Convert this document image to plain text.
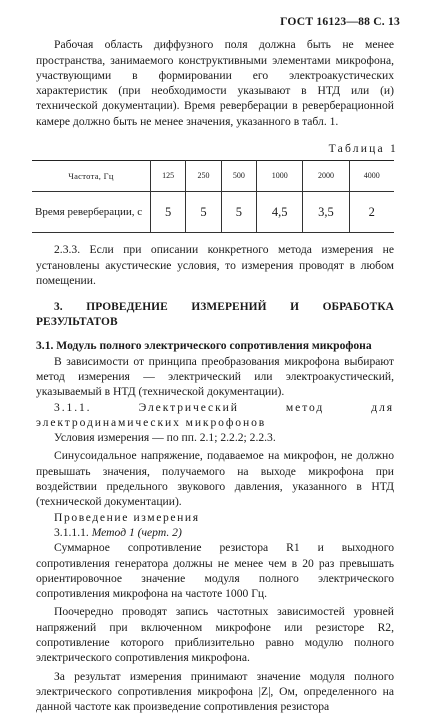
ГОСТ 16123—88 С. 13

Рабочая область диффузного поля должна быть не менее пространства, занимаемого конструктивными элементами микрофона, участвующими в формировании его электроакустических характеристик (при необходимости указывают в НТД или (и) технической документации). Время реверберации в реверберационной камере должно быть не менее значения, указанного в табл. 1.

Таблица 1
Частота, Гц	125	250	500	1000	2000	4000
Время реверберации, с	5	5	5	4,5	3,5	2

2.3.3. Если при описании конкретного метода измерения не установлены акустические условия, то измерения проводят в любом помещении.

3. ПРОВЕДЕНИЕ ИЗМЕРЕНИЙ И ОБРАБОТКА РЕЗУЛЬТАТОВ

3.1. Модуль полного электрического сопротивления микрофона

В зависимости от принципа преобразования микрофона выбирают метод измерения — электрический или электроакустический, указываемый в НТД (технической документации).

3.1.1. Электрический метод для электродинамических микрофонов

Условия измерения — по пп. 2.1; 2.2.2; 2.2.3.

Синусоидальное напряжение, подаваемое на микрофон, не должно превышать значения, получаемого на выходе микрофона при воздействии предельного звукового давления, указанного в НТД (технической документации).

Проведение измерения

3.1.1.1. Метод 1 (черт. 2)

Суммарное сопротивление резистора R1 и выходного сопротивления генератора должны не менее чем в 20 раз превышать ориентировочное значение модуля полного электрического сопротивления микрофона на частоте 1000 Гц.

Поочередно проводят запись частотных зависимостей уровней напряжений при включенном микрофоне или резисторе R2, сопротивление которого приблизительно равно модулю полного электрического сопротивления микрофона.

За результат измерения принимают значение модуля полного электрического сопротивления микрофона |Z|, Ом, определенного на данной частоте как произведение сопротивления резистора
